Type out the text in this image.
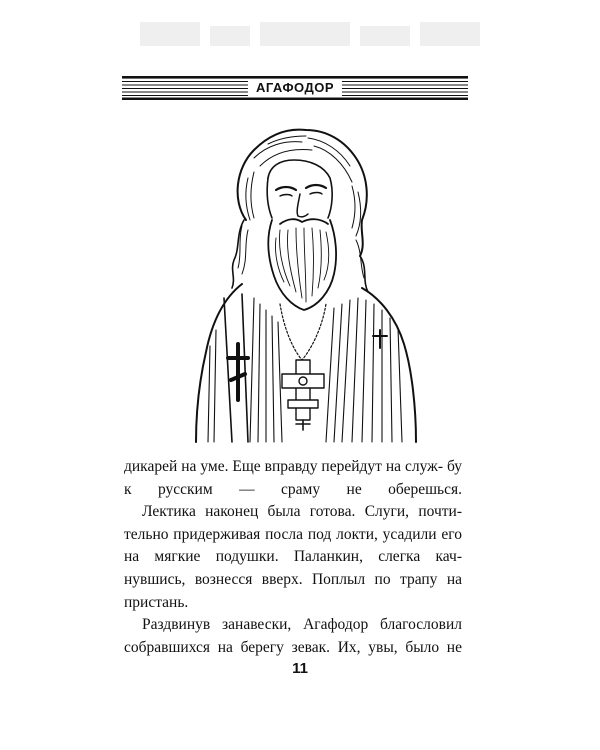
АГАФОДОР

дикарей на уме. Еще вправду перейдут на служ- бу к русским — сраму не оберешься.

Лектика наконец была готова. Слуги, почти- тельно придерживая посла под локти, усадили его на мягкие подушки. Паланкин, слегка кач- нувшись, вознесся вверх. Поплыл по трапу на пристань.

Раздвинув занавески, Агафодор благословил собравшихся на берегу зевак. Их, увы, было не

11
